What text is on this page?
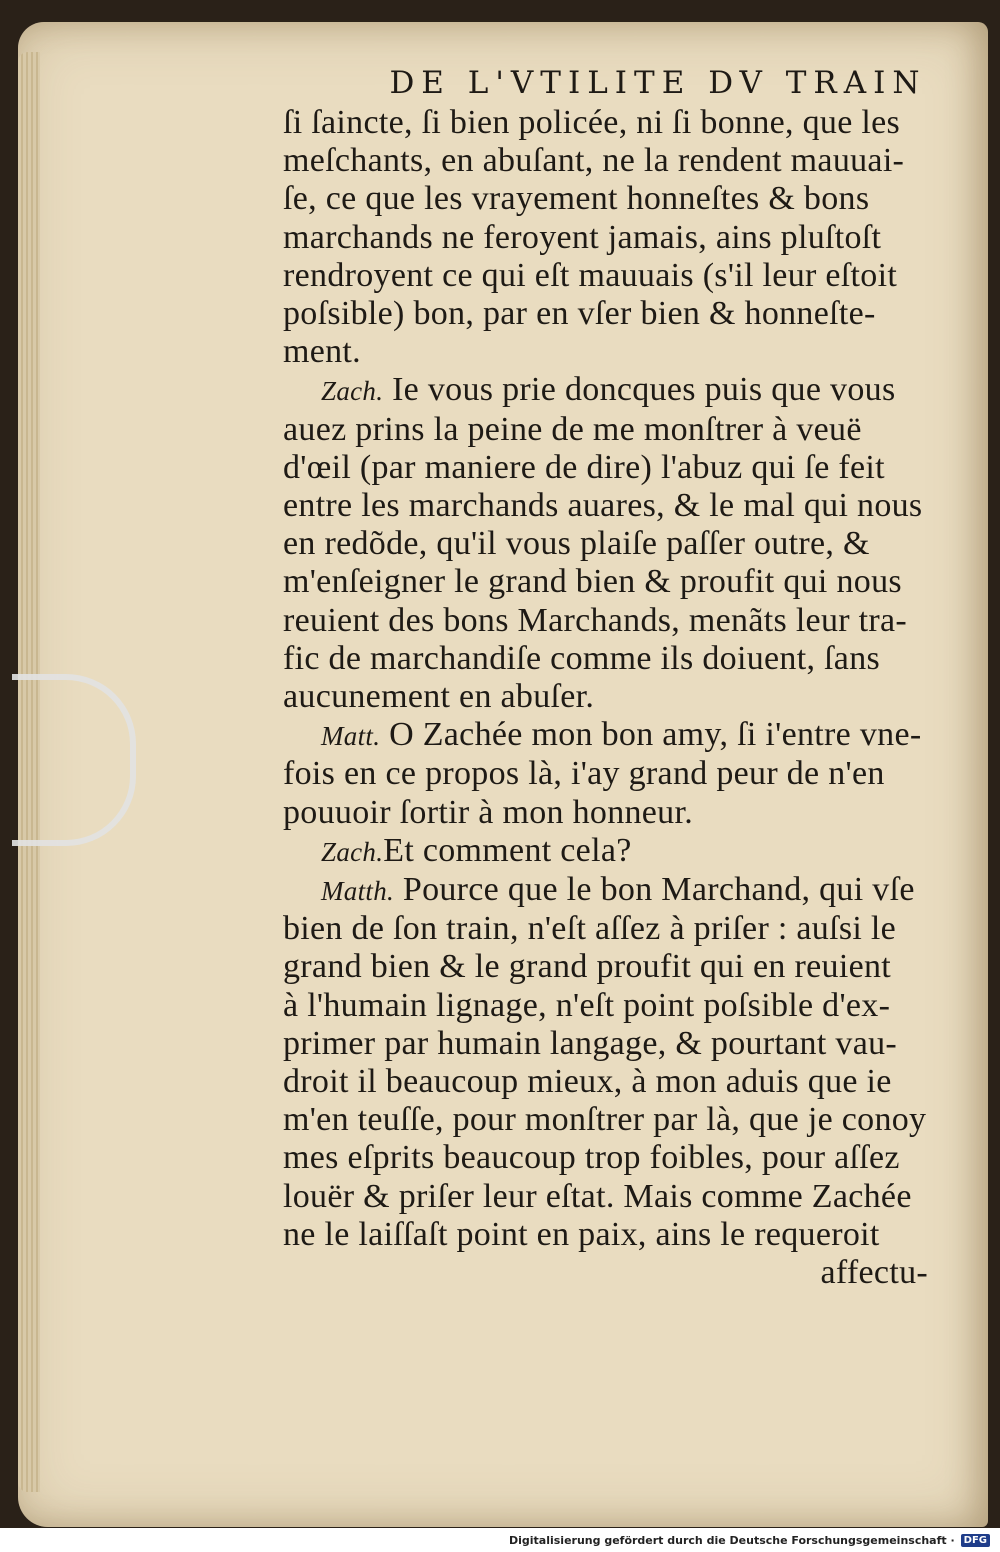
DE L'VTILITE DV TRAIN
ſi ſaincte, ſi bien policée, ni ſi bonne, que les
meſchants, en abuſant, ne la rendent mauuai-
ſe, ce que les vrayement honneſtes & bons
marchands ne feroyent jamais, ains pluſtoſt
rendroyent ce qui eſt mauuais (s'il leur eſtoit
poſsible) bon, par en vſer bien & honneſte-
ment.
Zach. Ie vous prie doncques puis que vous
auez prins la peine de me monſtrer à veuë
d'œil (par maniere de dire) l'abuz qui ſe feit
entre les marchands auares, & le mal qui nous
en redõde, qu'il vous plaiſe paſſer outre, &
m'enſeigner le grand bien & proufit qui nous
reuient des bons Marchands, menãts leur tra-
fic de marchandiſe comme ils doiuent, ſans
aucunement en abuſer.
Matt. O Zachée mon bon amy, ſi i'entre vne-
fois en ce propos là, i'ay grand peur de n'en
pouuoir ſortir à mon honneur.
Zach.Et comment cela?
Matth. Pource que le bon Marchand, qui vſe
bien de ſon train, n'eſt aſſez à priſer : auſsi le
grand bien & le grand proufit qui en reuient
à l'humain lignage, n'eſt point poſsible d'ex-
primer par humain langage, & pourtant vau-
droit il beaucoup mieux, à mon aduis que ie
m'en teuſſe, pour monſtrer par là, que je conoy
mes eſprits beaucoup trop foibles, pour aſſez
louër & priſer leur eſtat. Mais comme Zachée
ne le laiſſaſt point en paix, ains le requeroit
affectu-
Digitalisierung gefördert durch die Deutsche Forschungsgemeinschaft · DFG
